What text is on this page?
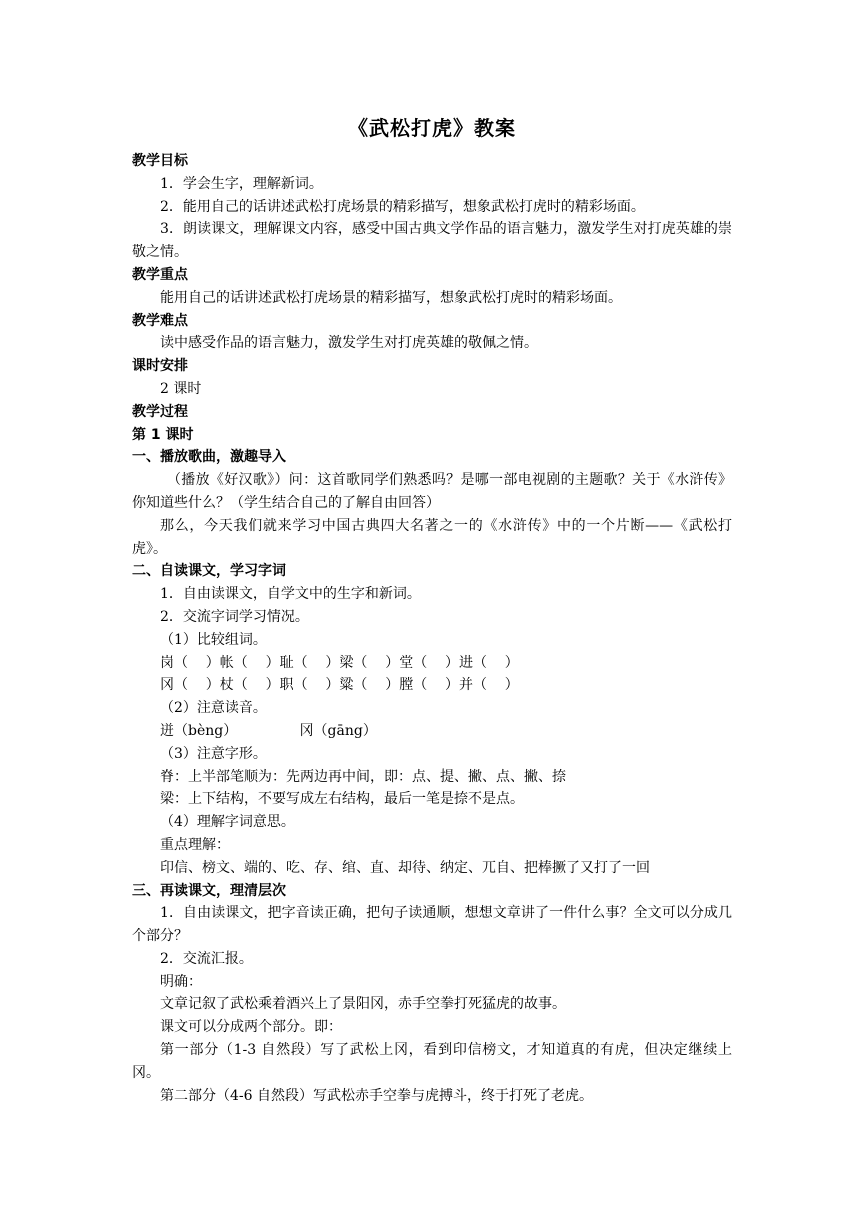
《武松打虎》教案
教学目标
1．学会生字，理解新词。
2．能用自己的话讲述武松打虎场景的精彩描写，想象武松打虎时的精彩场面。
3．朗读课文，理解课文内容，感受中国古典文学作品的语言魅力，激发学生对打虎英雄的崇敬之情。
教学重点
能用自己的话讲述武松打虎场景的精彩描写，想象武松打虎时的精彩场面。
教学难点
读中感受作品的语言魅力，激发学生对打虎英雄的敬佩之情。
课时安排
2 课时
教学过程
第 1 课时
一、播放歌曲，激趣导入
（播放《好汉歌》）问：这首歌同学们熟悉吗？是哪一部电视剧的主题歌？关于《水浒传》你知道些什么？（学生结合自己的了解自由回答）
那么，今天我们就来学习中国古典四大名著之一的《水浒传》中的一个片断——《武松打虎》。
二、自读课文，学习字词
1．自由读课文，自学文中的生字和新词。
2．交流字词学习情况。
（1）比较组词。
岗（    ）帐（    ）耻（    ）梁（    ）堂（    ）进（    ）
冈（    ）杖（    ）职（    ）粱（    ）膛（    ）并（    ）
（2）注意读音。
迸（bèng）              冈（gāng）
（3）注意字形。
脊：上半部笔顺为：先两边再中间，即：点、提、撇、点、撇、捺
梁：上下结构，不要写成左右结构，最后一笔是捺不是点。
（4）理解字词意思。
重点理解：
印信、榜文、端的、吃、存、绾、直、却待、纳定、兀自、把棒撅了又打了一回
三、再读课文，理清层次
1．自由读课文，把字音读正确，把句子读通顺，想想文章讲了一件什么事？全文可以分成几个部分？
2．交流汇报。
明确：
文章记叙了武松乘着酒兴上了景阳冈，赤手空拳打死猛虎的故事。
课文可以分成两个部分。即：
第一部分（1-3 自然段）写了武松上冈，看到印信榜文，才知道真的有虎，但决定继续上冈。
第二部分（4-6 自然段）写武松赤手空拳与虎搏斗，终于打死了老虎。
